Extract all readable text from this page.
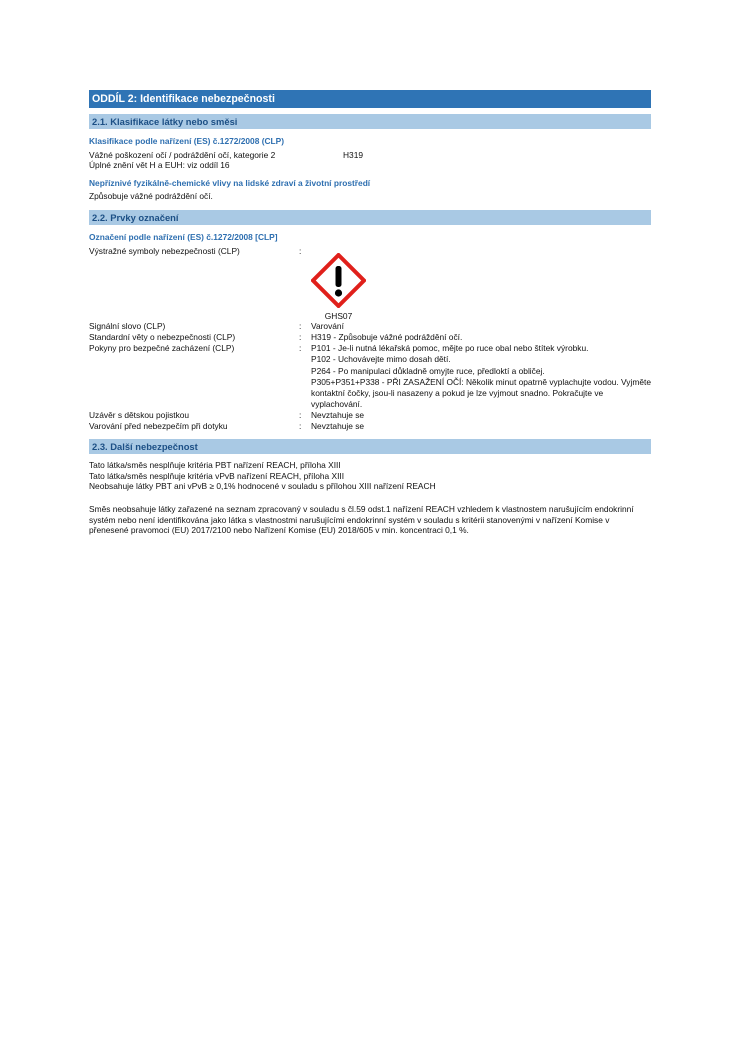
ODDÍL 2: Identifikace nebezpečnosti
2.1. Klasifikace látky nebo směsi
Klasifikace podle nařízení (ES) č.1272/2008 (CLP)
Vážné poškození očí / podráždění očí, kategorie 2	H319
Úplné znění vět H a EUH: viz oddíl 16
Nepříznivé fyzikálně-chemické vlivy na lidské zdraví a životní prostředí
Způsobuje vážné podráždění očí.
2.2. Prvky označení
Označení podle nařízení (ES) č.1272/2008 [CLP]
Výstražné symboly nebezpečnosti (CLP)	:
GHS07
Signální slovo (CLP)	:	Varování
Standardní věty o nebezpečnosti (CLP)	:	H319 - Způsobuje vážné podráždění očí.
Pokyny pro bezpečné zacházení (CLP)	:	P101 - Je-li nutná lékařská pomoc, mějte po ruce obal nebo štítek výrobku.
P102 - Uchovávejte mimo dosah dětí.
P264 - Po manipulaci důkladně omyjte ruce, předloktí a obličej.
P305+P351+P338 - PŘI ZASAŽENÍ OČÍ: Několik minut opatrně vyplachujte vodou. Vyjměte kontaktní čočky, jsou-li nasazeny a pokud je lze vyjmout snadno. Pokračujte ve vyplachování.
Uzávěr s dětskou pojistkou	:	Nevztahuje se
Varování před nebezpečím při dotyku	:	Nevztahuje se
2.3. Další nebezpečnost
Tato látka/směs nesplňuje kritéria PBT nařízení REACH, příloha XIII
Tato látka/směs nesplňuje kritéria vPvB nařízení REACH, příloha XIII
Neobsahuje látky PBT ani vPvB ≥ 0,1% hodnocené v souladu s přílohou XIII nařízení REACH
Směs neobsahuje látky zařazené na seznam zpracovaný v souladu s čl.59 odst.1 nařízení REACH vzhledem k vlastnostem narušujícím endokrinní systém nebo není identifikována jako látka s vlastnostmi narušujícími endokrinní systém v souladu s kritérii stanovenými v nařízení Komise v přenesené pravomoci (EU) 2017/2100 nebo Nařízení Komise (EU) 2018/605 v min. koncentraci 0,1 %.
